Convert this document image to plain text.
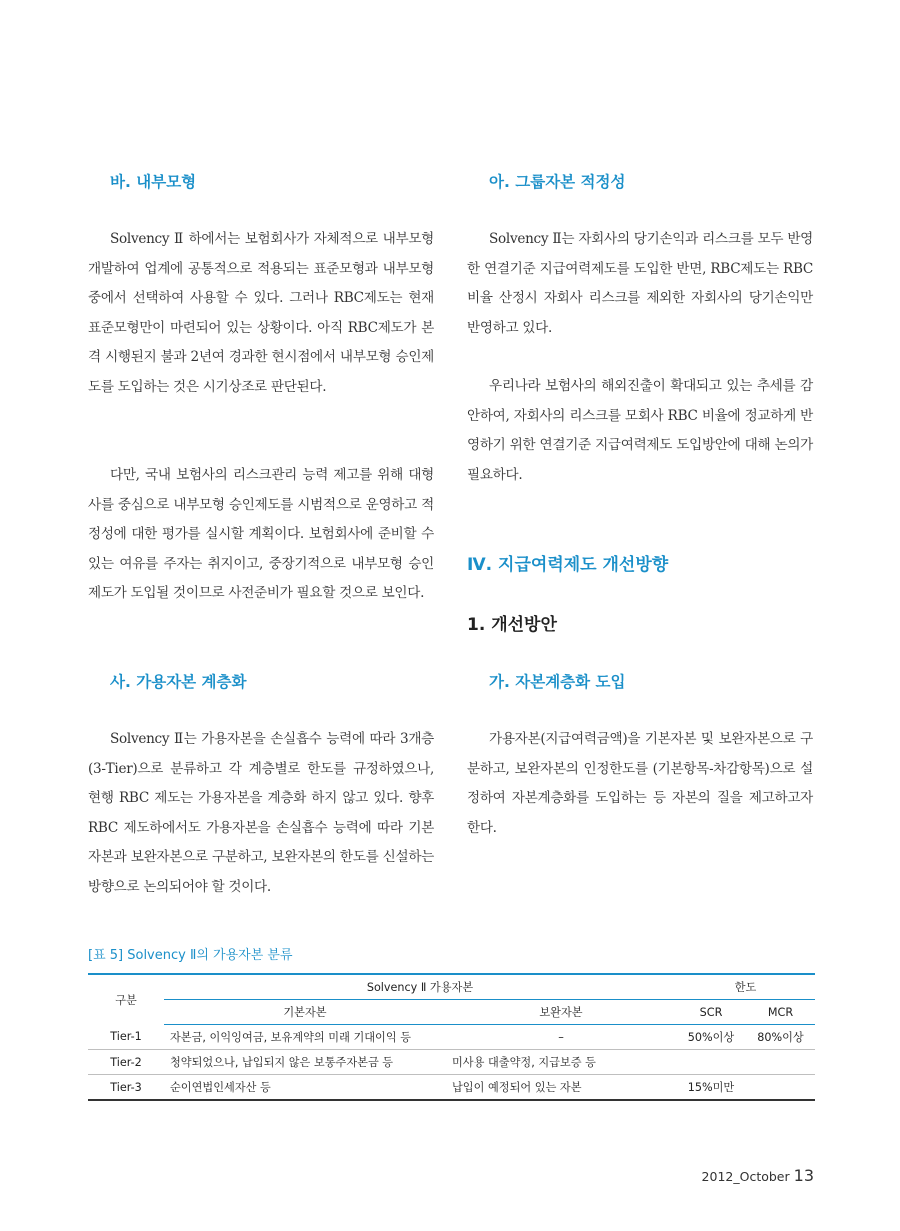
바. 내부모형

Solvency Ⅱ 하에서는 보험회사가 자체적으로 내부모형 개발하여 업계에 공통적으로 적용되는 표준모형과 내부모형 중에서 선택하여 사용할 수 있다. 그러나 RBC제도는 현재 표준모형만이 마련되어 있는 상황이다. 아직 RBC제도가 본격 시행된지 불과 2년여 경과한 현시점에서 내부모형 승인제도를 도입하는 것은 시기상조로 판단된다.

다만, 국내 보험사의 리스크관리 능력 제고를 위해 대형사를 중심으로 내부모형 승인제도를 시범적으로 운영하고 적정성에 대한 평가를 실시할 계획이다. 보험회사에 준비할 수 있는 여유를 주자는 취지이고, 중장기적으로 내부모형 승인제도가 도입될 것이므로 사전준비가 필요할 것으로 보인다.

사. 가용자본 계층화

Solvency Ⅱ는 가용자본을 손실흡수 능력에 따라 3개층(3-Tier)으로 분류하고 각 계층별로 한도를 규정하였으나, 현행 RBC 제도는 가용자본을 계층화 하지 않고 있다. 향후 RBC 제도하에서도 가용자본을 손실흡수 능력에 따라 기본자본과 보완자본으로 구분하고, 보완자본의 한도를 신설하는 방향으로 논의되어야 할 것이다.

아. 그룹자본 적정성

Solvency Ⅱ는 자회사의 당기손익과 리스크를 모두 반영한 연결기준 지급여력제도를 도입한 반면, RBC제도는 RBC비율 산정시 자회사 리스크를 제외한 자회사의 당기손익만 반영하고 있다.

우리나라 보험사의 해외진출이 확대되고 있는 추세를 감안하여, 자회사의 리스크를 모회사 RBC 비율에 정교하게 반영하기 위한 연결기준 지급여력제도 도입방안에 대해 논의가 필요하다.

Ⅳ. 지급여력제도 개선방향
1. 개선방안
가. 자본계층화 도입

가용자본(지급여력금액)을 기본자본 및 보완자본으로 구분하고, 보완자본의 인정한도를 (기본항목-차감항목)으로 설정하여 자본계층화를 도입하는 등 자본의 질을 제고하고자 한다.

[표 5] Solvency Ⅱ의 가용자본 분류
구분	Solvency Ⅱ 가용자본		한도	
	기본자본	보완자본	SCR	MCR
Tier-1	자본금, 이익잉여금, 보유계약의 미래 기대이익 등	–	50%이상	80%이상
Tier-2	청약되었으나, 납입되지 않은 보통주자본금 등	미사용 대출약정, 지급보증 등		
Tier-3	순이연법인세자산 등	납입이 예정되어 있는 자본	15%미만	
2012_October 13
